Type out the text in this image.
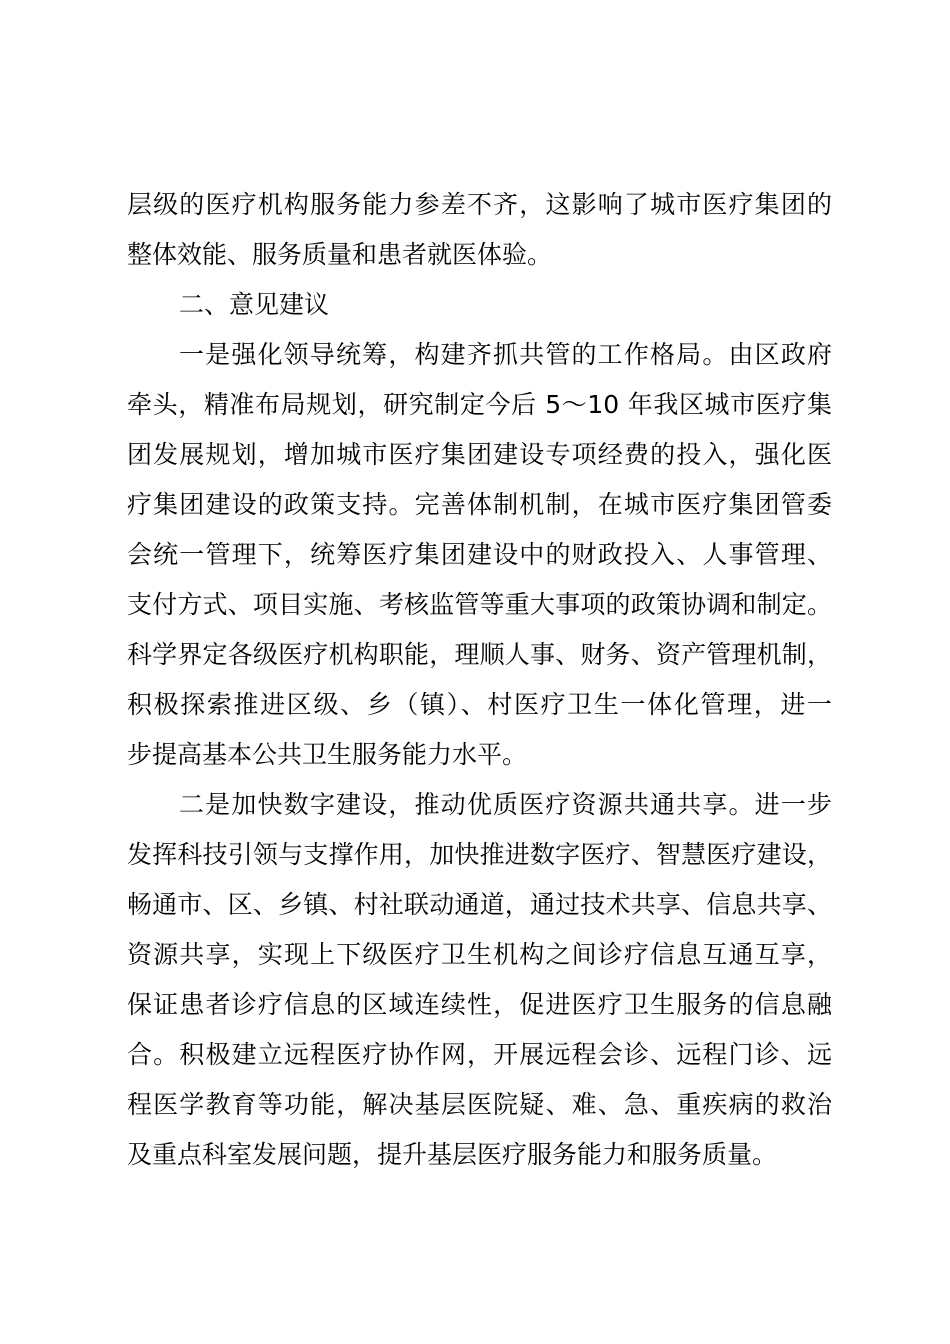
层级的医疗机构服务能力参差不齐，这影响了城市医疗集团的
整体效能、服务质量和患者就医体验。
二、意见建议
一是强化领导统筹，构建齐抓共管的工作格局。由区政府
牵头，精准布局规划，研究制定今后 5～10 年我区城市医疗集
团发展规划，增加城市医疗集团建设专项经费的投入，强化医
疗集团建设的政策支持。完善体制机制，在城市医疗集团管委
会统一管理下，统筹医疗集团建设中的财政投入、人事管理、
支付方式、项目实施、考核监管等重大事项的政策协调和制定。
科学界定各级医疗机构职能，理顺人事、财务、资产管理机制，
积极探索推进区级、乡（镇）、村医疗卫生一体化管理，进一
步提高基本公共卫生服务能力水平。
二是加快数字建设，推动优质医疗资源共通共享。进一步
发挥科技引领与支撑作用，加快推进数字医疗、智慧医疗建设，
畅通市、区、乡镇、村社联动通道，通过技术共享、信息共享、
资源共享，实现上下级医疗卫生机构之间诊疗信息互通互享，
保证患者诊疗信息的区域连续性，促进医疗卫生服务的信息融
合。积极建立远程医疗协作网，开展远程会诊、远程门诊、远
程医学教育等功能，解决基层医院疑、难、急、重疾病的救治
及重点科室发展问题，提升基层医疗服务能力和服务质量。
